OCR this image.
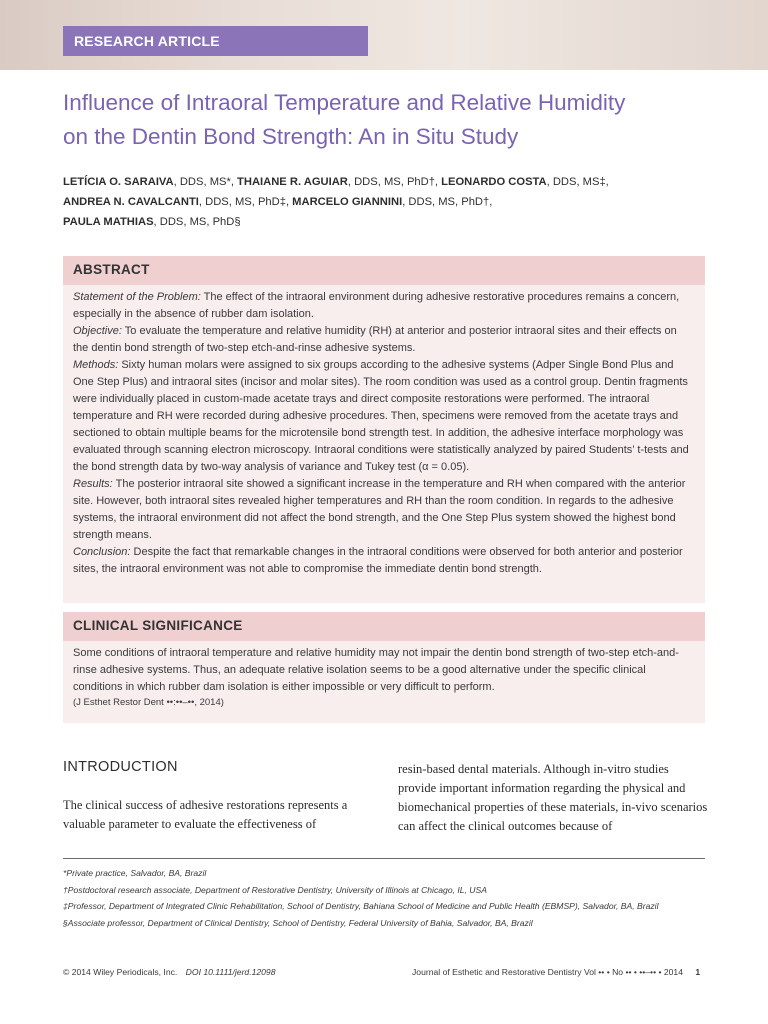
RESEARCH ARTICLE
Influence of Intraoral Temperature and Relative Humidity
on the Dentin Bond Strength: An in Situ Study
LETÍCIA O. SARAIVA, DDS, MS*, THAIANE R. AGUIAR, DDS, MS, PhD†, LEONARDO COSTA, DDS, MS‡,
ANDREA N. CAVALCANTI, DDS, MS, PhD‡, MARCELO GIANNINI, DDS, MS, PhD†,
PAULA MATHIAS, DDS, MS, PhD§
ABSTRACT

Statement of the Problem: The effect of the intraoral environment during adhesive restorative procedures remains a concern, especially in the absence of rubber dam isolation.

Objective: To evaluate the temperature and relative humidity (RH) at anterior and posterior intraoral sites and their effects on the dentin bond strength of two-step etch-and-rinse adhesive systems.

Methods: Sixty human molars were assigned to six groups according to the adhesive systems (Adper Single Bond Plus and One Step Plus) and intraoral sites (incisor and molar sites). The room condition was used as a control group. Dentin fragments were individually placed in custom-made acetate trays and direct composite restorations were performed. The intraoral temperature and RH were recorded during adhesive procedures. Then, specimens were removed from the acetate trays and sectioned to obtain multiple beams for the microtensile bond strength test. In addition, the adhesive interface morphology was evaluated through scanning electron microscopy. Intraoral conditions were statistically analyzed by paired Students’ t-tests and the bond strength data by two-way analysis of variance and Tukey test (α = 0.05).

Results: The posterior intraoral site showed a significant increase in the temperature and RH when compared with the anterior site. However, both intraoral sites revealed higher temperatures and RH than the room condition. In regards to the adhesive systems, the intraoral environment did not affect the bond strength, and the One Step Plus system showed the highest bond strength means.

Conclusion: Despite the fact that remarkable changes in the intraoral conditions were observed for both anterior and posterior sites, the intraoral environment was not able to compromise the immediate dentin bond strength.

CLINICAL SIGNIFICANCE

Some conditions of intraoral temperature and relative humidity may not impair the dentin bond strength of two-step etch-and-rinse adhesive systems. Thus, an adequate relative isolation seems to be a good alternative under the specific clinical conditions in which rubber dam isolation is either impossible or very difficult to perform.

(J Esthet Restor Dent ••:••–••, 2014)

INTRODUCTION

The clinical success of adhesive restorations represents a valuable parameter to evaluate the effectiveness of

resin-based dental materials. Although in-vitro studies provide important information regarding the physical and biomechanical properties of these materials, in-vivo scenarios can affect the clinical outcomes because of

*Private practice, Salvador, BA, Brazil
†Postdoctoral research associate, Department of Restorative Dentistry, University of Illinois at Chicago, IL, USA
‡Professor, Department of Integrated Clinic Rehabilitation, School of Dentistry, Bahiana School of Medicine and Public Health (EBMSP), Salvador, BA, Brazil
§Associate professor, Department of Clinical Dentistry, School of Dentistry, Federal University of Bahia, Salvador, BA, Brazil
© 2014 Wiley Periodicals, Inc. DOI 10.1111/jerd.12098	Journal of Esthetic and Restorative Dentistry Vol •• • No •• • ••–•• • 2014 1
